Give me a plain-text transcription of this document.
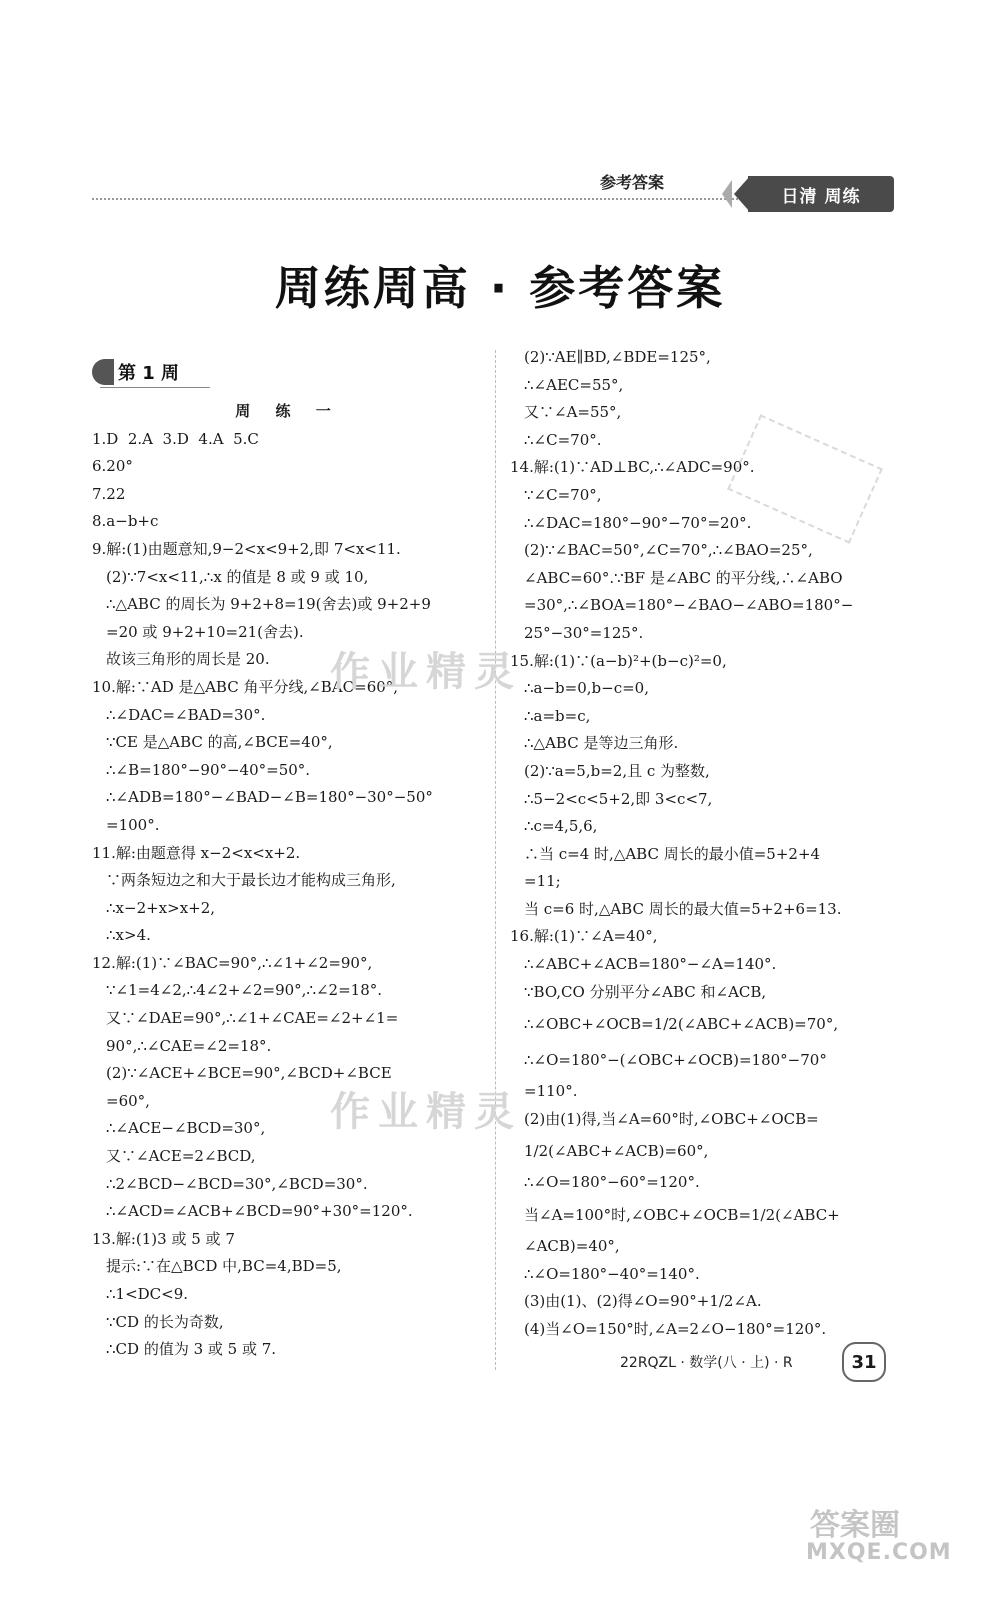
参考答案
日清 周练
周练周高 · 参考答案
第 1 周
周 练 一
1.D  2.A  3.D  4.A  5.C
6.20°
7.22
8.a−b+c
9.解:(1)由题意知,9−2<x<9+2,即 7<x<11.
(2)∵7<x<11,∴x 的值是 8 或 9 或 10,
∴△ABC 的周长为 9+2+8=19(舍去)或 9+2+9
=20 或 9+2+10=21(舍去).
故该三角形的周长是 20.
10.解:∵AD 是△ABC 角平分线,∠BAC=60°,
∴∠DAC=∠BAD=30°.
∵CE 是△ABC 的高,∠BCE=40°,
∴∠B=180°−90°−40°=50°.
∴∠ADB=180°−∠BAD−∠B=180°−30°−50°
=100°.
11.解:由题意得 x−2<x<x+2.
∵两条短边之和大于最长边才能构成三角形,
∴x−2+x>x+2,
∴x>4.
12.解:(1)∵∠BAC=90°,∴∠1+∠2=90°,
∵∠1=4∠2,∴4∠2+∠2=90°,∴∠2=18°.
又∵∠DAE=90°,∴∠1+∠CAE=∠2+∠1=
90°,∴∠CAE=∠2=18°.
(2)∵∠ACE+∠BCE=90°,∠BCD+∠BCE
=60°,
∴∠ACE−∠BCD=30°,
又∵∠ACE=2∠BCD,
∴2∠BCD−∠BCD=30°,∠BCD=30°.
∴∠ACD=∠ACB+∠BCD=90°+30°=120°.
13.解:(1)3 或 5 或 7
提示:∵在△BCD 中,BC=4,BD=5,
∴1<DC<9.
∵CD 的长为奇数,
∴CD 的值为 3 或 5 或 7.
(2)∵AE∥BD,∠BDE=125°,
∴∠AEC=55°,
又∵∠A=55°,
∴∠C=70°.
14.解:(1)∵AD⊥BC,∴∠ADC=90°.
∵∠C=70°,
∴∠DAC=180°−90°−70°=20°.
(2)∵∠BAC=50°,∠C=70°,∴∠BAO=25°,
∠ABC=60°.∵BF 是∠ABC 的平分线,∴∠ABO
=30°,∴∠BOA=180°−∠BAO−∠ABO=180°−
25°−30°=125°.
15.解:(1)∵(a−b)²+(b−c)²=0,
∴a−b=0,b−c=0,
∴a=b=c,
∴△ABC 是等边三角形.
(2)∵a=5,b=2,且 c 为整数,
∴5−2<c<5+2,即 3<c<7,
∴c=4,5,6,
∴当 c=4 时,△ABC 周长的最小值=5+2+4
=11;
当 c=6 时,△ABC 周长的最大值=5+2+6=13.
16.解:(1)∵∠A=40°,
∴∠ABC+∠ACB=180°−∠A=140°.
∵BO,CO 分别平分∠ABC 和∠ACB,
∴∠OBC+∠OCB=1/2(∠ABC+∠ACB)=70°,
∴∠O=180°−(∠OBC+∠OCB)=180°−70°
=110°.
(2)由(1)得,当∠A=60°时,∠OBC+∠OCB=
1/2(∠ABC+∠ACB)=60°,
∴∠O=180°−60°=120°.
当∠A=100°时,∠OBC+∠OCB=1/2(∠ABC+
∠ACB)=40°,
∴∠O=180°−40°=140°.
(3)由(1)、(2)得∠O=90°+1/2∠A.
(4)当∠O=150°时,∠A=2∠O−180°=120°.
作业精灵
作业精灵
22RQZL · 数学(八 · 上) · R	31
答案圈
MXQE.COM
